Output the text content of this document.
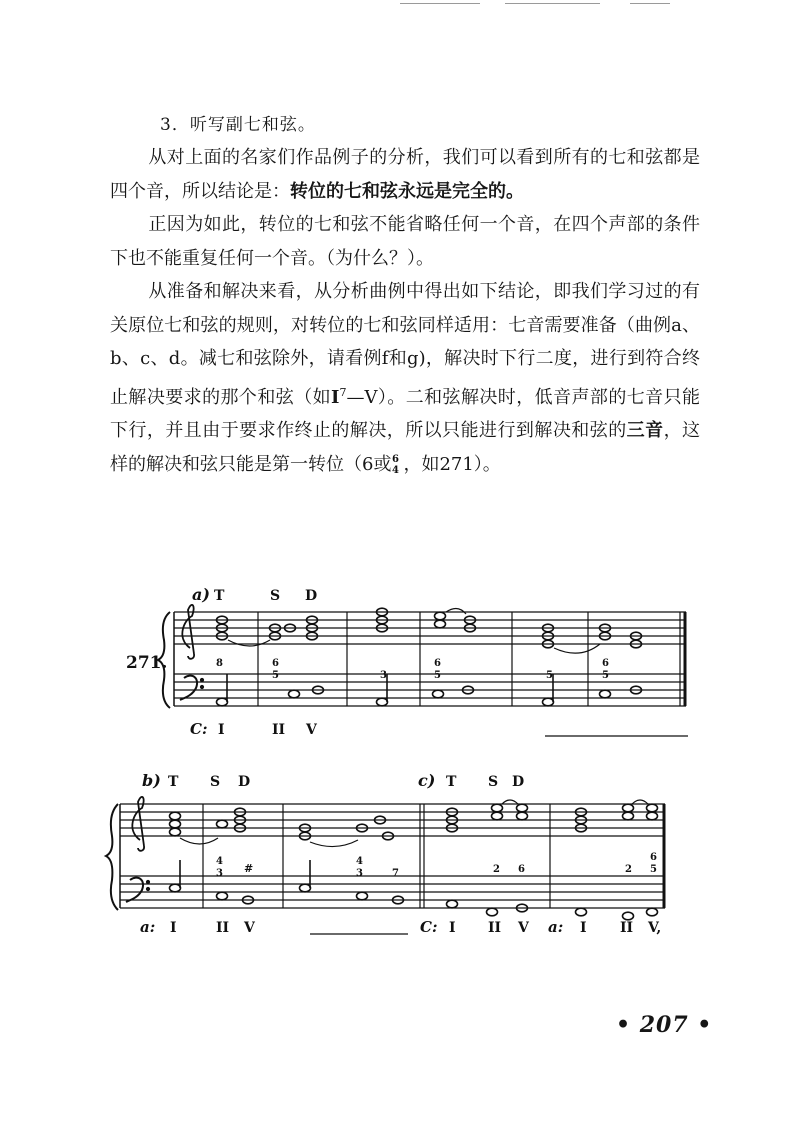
3．听写副七和弦。

从对上面的名家们作品例子的分析，我们可以看到所有的七和弦都是四个音，所以结论是：转位的七和弦永远是完全的。

正因为如此，转位的七和弦不能省略任何一个音，在四个声部的条件下也不能重复任何一个音。（为什么？）。

从准备和解决来看，从分析曲例中得出如下结论，即我们学习过的有关原位七和弦的规则，对转位的七和弦同样适用：七音需要准备（曲例a、b、c、d。减七和弦除外，请看例f和g)，解决时下行二度，进行到符合终止解决要求的那个和弦（如$I^7—V$）。二和弦解决时，低音声部的七音只能下行，并且由于要求作终止的解决，所以只能进行到解决和弦的三音，这样的解决和弦只能是第一转位（6或 6
4 ，如271）。

271.
a) T	S D
8	6
5	3
6
5	5
6
5
C: I	II V
b) T S D	c) T S D
4
3 #
4
3	7	2 6	2
6
5
a: I	II V	C: I II V a: I II V,
• 207 •
